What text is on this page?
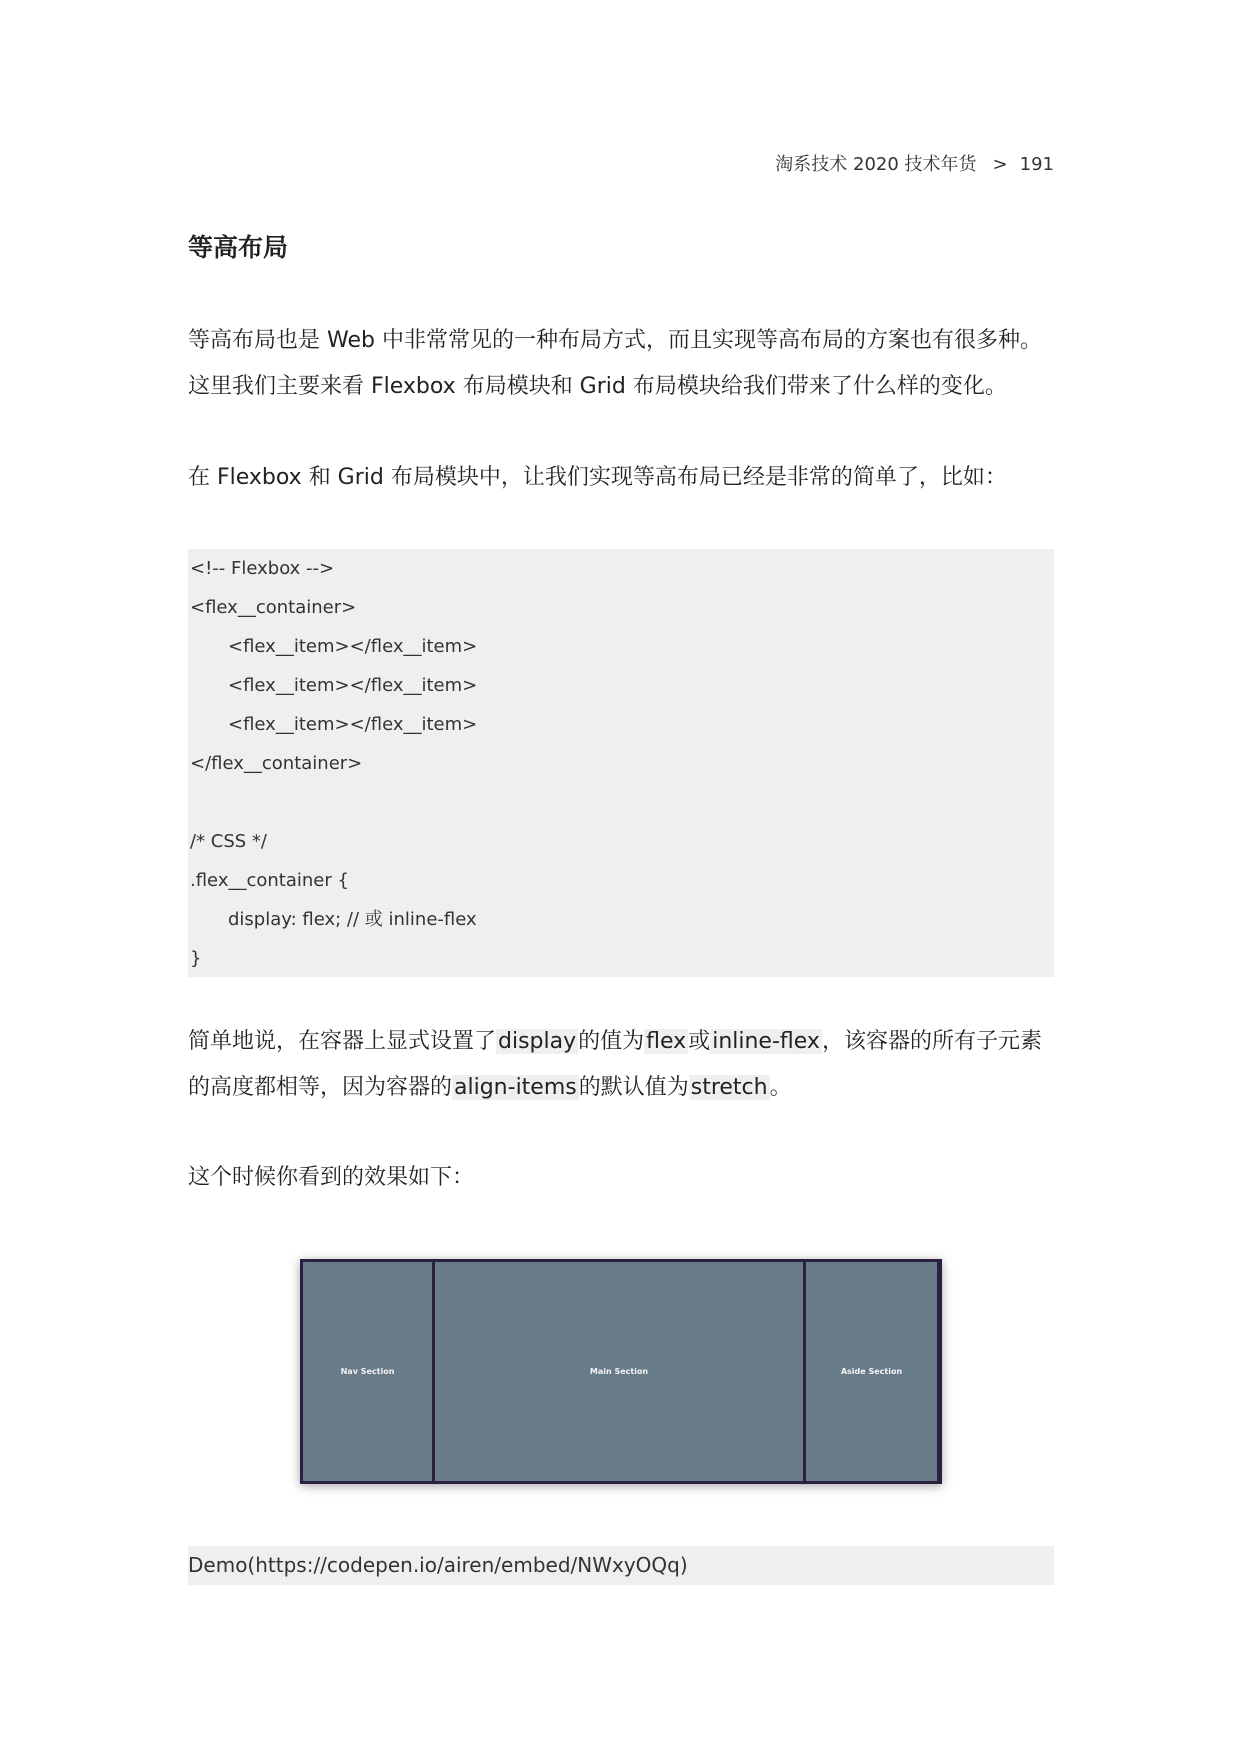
淘系技术 2020 技术年货 > 191
等高布局

等高布局也是 Web 中非常常见的一种布局方式，而且实现等高布局的方案也有很多种。这里我们主要来看 Flexbox 布局模块和 Grid 布局模块给我们带来了什么样的变化。

在 Flexbox 和 Grid 布局模块中，让我们实现等高布局已经是非常的简单了，比如：

<!-- Flexbox -->
<flex__container>
<flex__item></flex__item>
<flex__item></flex__item>
<flex__item></flex__item>
</flex__container>
/* CSS */
.flex__container {
display: flex; // 或 inline-flex
}

简单地说，在容器上显式设置了display的值为flex或inline-flex，该容器的所有子元素的高度都相等，因为容器的align-items的默认值为stretch。

这个时候你看到的效果如下：

Nav Section	Main Section	Aside Section
Demo(https://codepen.io/airen/embed/NWxyOQq)
